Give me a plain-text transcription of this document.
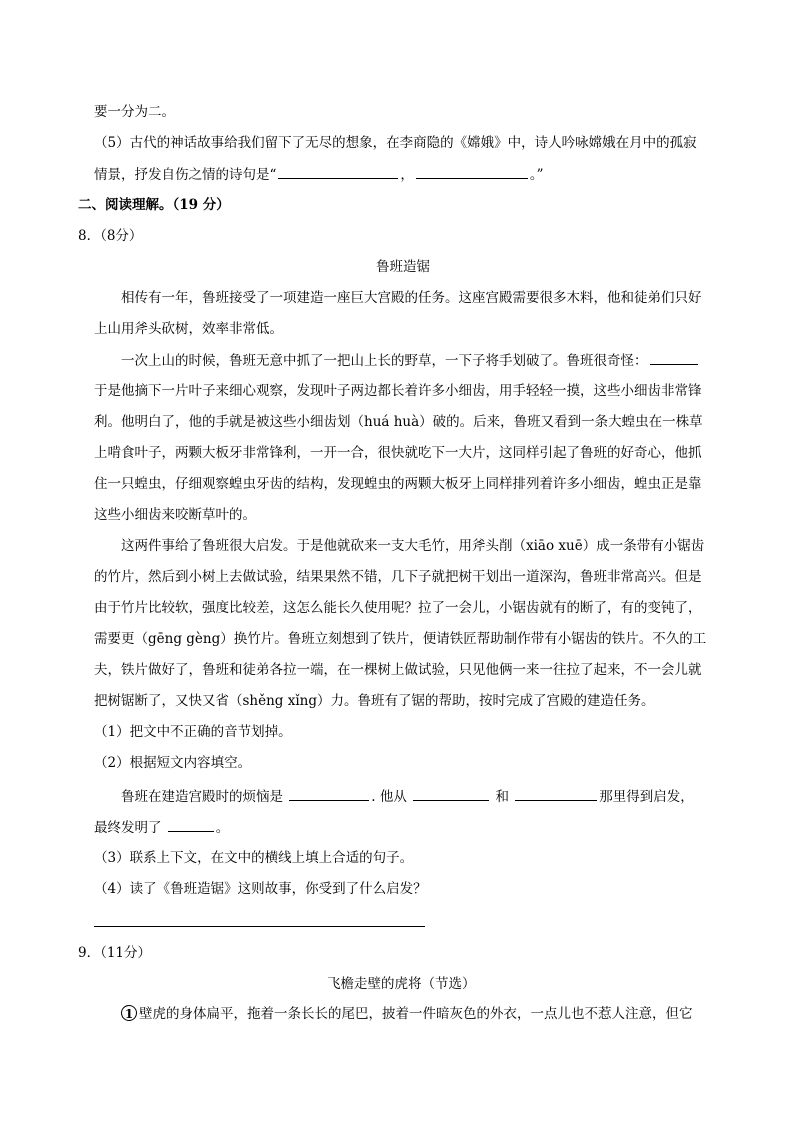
要一分为二。
（5）古代的神话故事给我们留下了无尽的想象，在李商隐的《嫦娥》中，诗人吟咏嫦娥在月中的孤寂
情景，抒发自伤之情的诗句是“	，	。”
二、阅读理解。（19 分）
8．（8分）
鲁班造锯
相传有一年，鲁班接受了一项建造一座巨大宫殿的任务。这座宫殿需要很多木料，他和徒弟们只好
上山用斧头砍树，效率非常低。
一次上山的时候，鲁班无意中抓了一把山上长的野草，一下子将手划破了。鲁班很奇怪：
于是他摘下一片叶子来细心观察，发现叶子两边都长着许多小细齿，用手轻轻一摸，这些小细齿非常锋
利。他明白了，他的手就是被这些小细齿划（huá huà）破的。后来，鲁班又看到一条大蝗虫在一株草
上啃食叶子，两颗大板牙非常锋利，一开一合，很快就吃下一大片，这同样引起了鲁班的好奇心，他抓
住一只蝗虫，仔细观察蝗虫牙齿的结构，发现蝗虫的两颗大板牙上同样排列着许多小细齿，蝗虫正是靠
这些小细齿来咬断草叶的。
这两件事给了鲁班很大启发。于是他就砍来一支大毛竹，用斧头削（xiāo xuē）成一条带有小锯齿
的竹片，然后到小树上去做试验，结果果然不错，几下子就把树干划出一道深沟，鲁班非常高兴。但是
由于竹片比较软，强度比较差，这怎么能长久使用呢？拉了一会儿，小锯齿就有的断了，有的变钝了，
需要更（gēng gèng）换竹片。鲁班立刻想到了铁片，便请铁匠帮助制作带有小锯齿的铁片。不久的工
夫，铁片做好了，鲁班和徒弟各拉一端，在一棵树上做试验，只见他俩一来一往拉了起来，不一会儿就
把树锯断了，又快又省（shěng xǐng）力。鲁班有了锯的帮助，按时完成了宫殿的建造任务。
（1）把文中不正确的音节划掉。
（2）根据短文内容填空。
鲁班在建造宫殿时的烦恼是	. 他从	和	那里得到启发，
最终发明了	。
（3）联系上下文，在文中的横线上填上合适的句子。
（4）读了《鲁班造锯》这则故事，你受到了什么启发？
9．（11分）
飞檐走壁的虎将（节选）
1 壁虎的身体扁平，拖着一条长长的尾巴，披着一件暗灰色的外衣，一点儿也不惹人注意，但它
